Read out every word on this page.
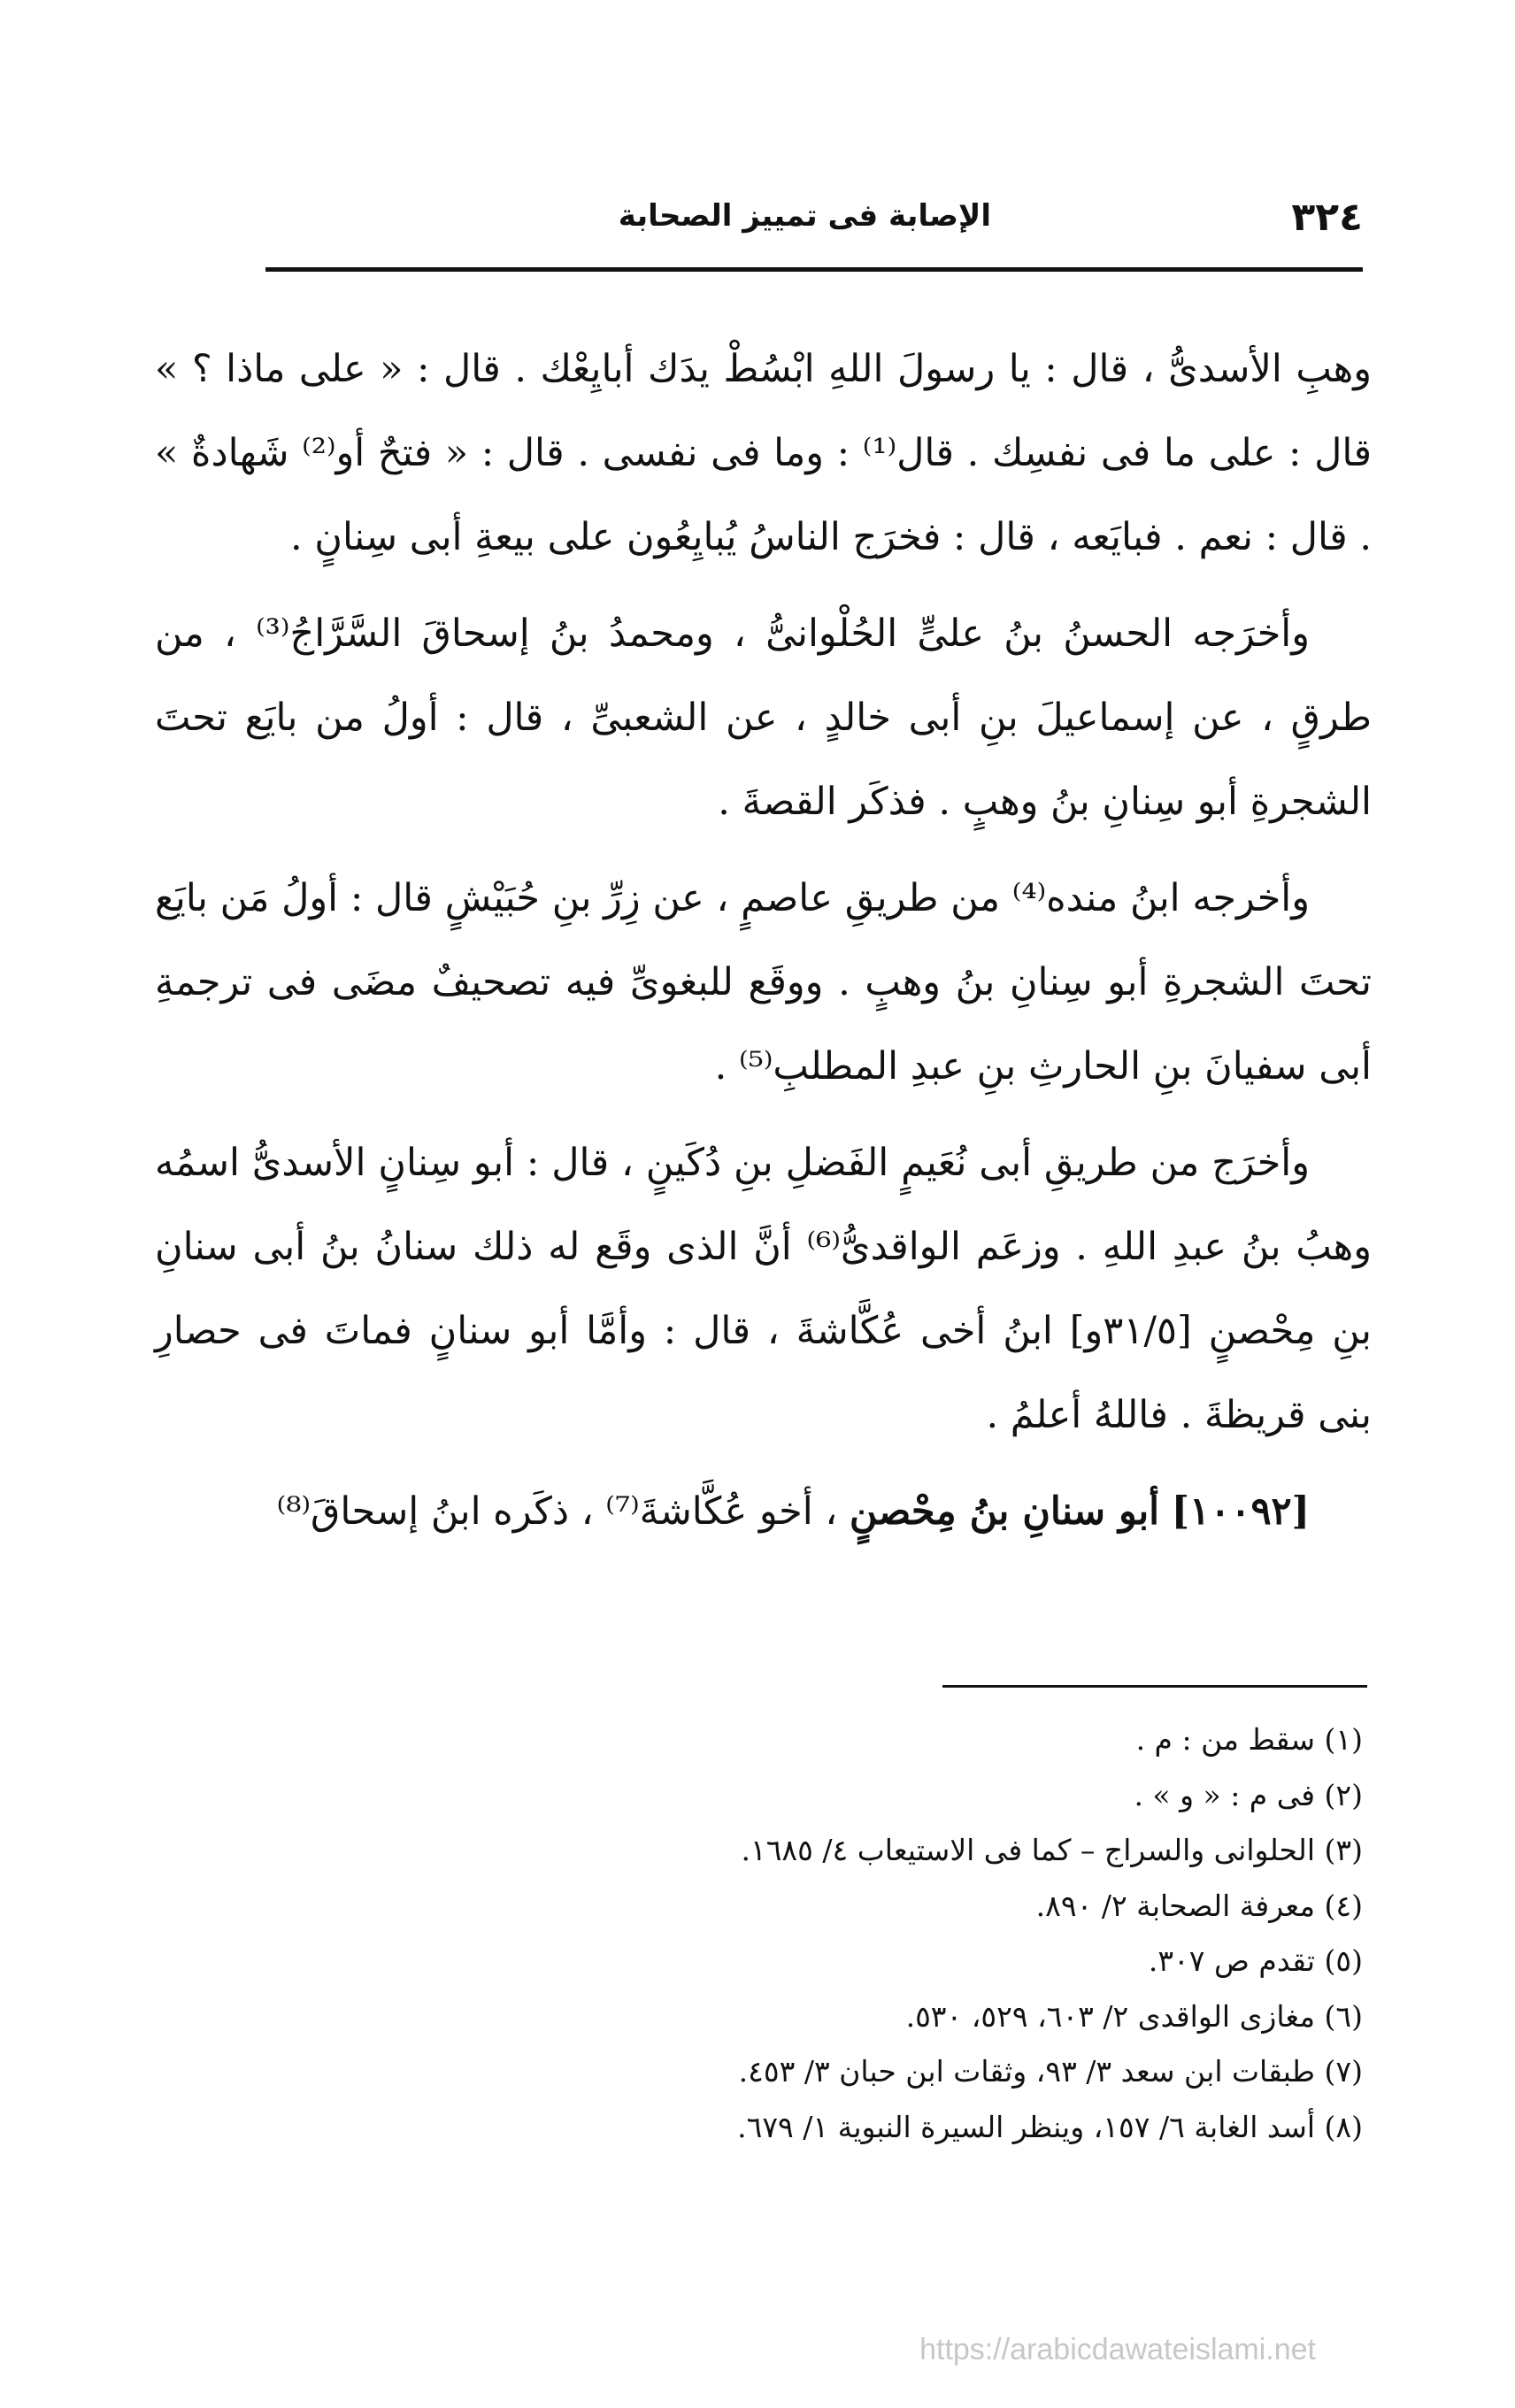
٣٢٤
الإصابة فى تمييز الصحابة

وهبِ الأسدىُّ ، قال : يا رسولَ اللهِ ابْسُطْ يدَك أبايِعْك . قال : « على ماذا ؟ » قال : على ما فى نفسِك . قال⁽¹⁾ : وما فى نفسى . قال : « فتحٌ أو⁽²⁾ شَهادةٌ » . قال : نعم . فبايَعه ، قال : فخرَج الناسُ يُبايِعُون على بيعةِ أبى سِنانٍ .

وأخرَجه الحسنُ بنُ علىٍّ الحُلْوانىُّ ، ومحمدُ بنُ إسحاقَ السَّرَّاجُ⁽³⁾ ، من طرقٍ ، عن إسماعيلَ بنِ أبى خالدٍ ، عن الشعبىِّ ، قال : أولُ من بايَع تحتَ الشجرةِ أبو سِنانِ بنُ وهبٍ . فذكَر القصةَ .

وأخرجه ابنُ منده⁽⁴⁾ من طريقِ عاصمٍ ، عن زِرِّ بنِ حُبَيْشٍ قال : أولُ مَن بايَع تحتَ الشجرةِ أبو سِنانِ بنُ وهبٍ . ووقَع للبغوىِّ فيه تصحيفٌ مضَى فى ترجمةِ أبى سفيانَ بنِ الحارثِ بنِ عبدِ المطلبِ⁽⁵⁾ .

وأخرَج من طريقِ أبى نُعَيمٍ الفَضلِ بنِ دُكَينٍ ، قال : أبو سِنانٍ الأسدىُّ اسمُه وهبُ بنُ عبدِ اللهِ . وزعَم الواقدىُّ⁽⁶⁾ أنَّ الذى وقَع له ذلك سنانُ بنُ أبى سنانِ بنِ مِحْصنٍ [٣١/٥و] ابنُ أخى عُكَّاشةَ ، قال : وأمَّا أبو سنانٍ فماتَ فى حصارِ بنى قريظةَ . فاللهُ أعلمُ .

[١٠٠٩٢] أبو سنانِ بنُ مِحْصنٍ ، أخو عُكَّاشةَ⁽⁷⁾ ، ذكَره ابنُ إسحاقَ⁽⁸⁾

(١) سقط من : م .
(٢) فى م : « و » .
(٣) الحلوانى والسراج – كما فى الاستيعاب ٤/ ١٦٨٥.
(٤) معرفة الصحابة ٢/ ٨٩٠.
(٥) تقدم ص ٣٠٧.
(٦) مغازى الواقدى ٢/ ٦٠٣، ٥٢٩، ٥٣٠.
(٧) طبقات ابن سعد ٣/ ٩٣، وثقات ابن حبان ٣/ ٤٥٣.
(٨) أسد الغابة ٦/ ١٥٧، وينظر السيرة النبوية ١/ ٦٧٩.
https://arabicdawateislami.net
